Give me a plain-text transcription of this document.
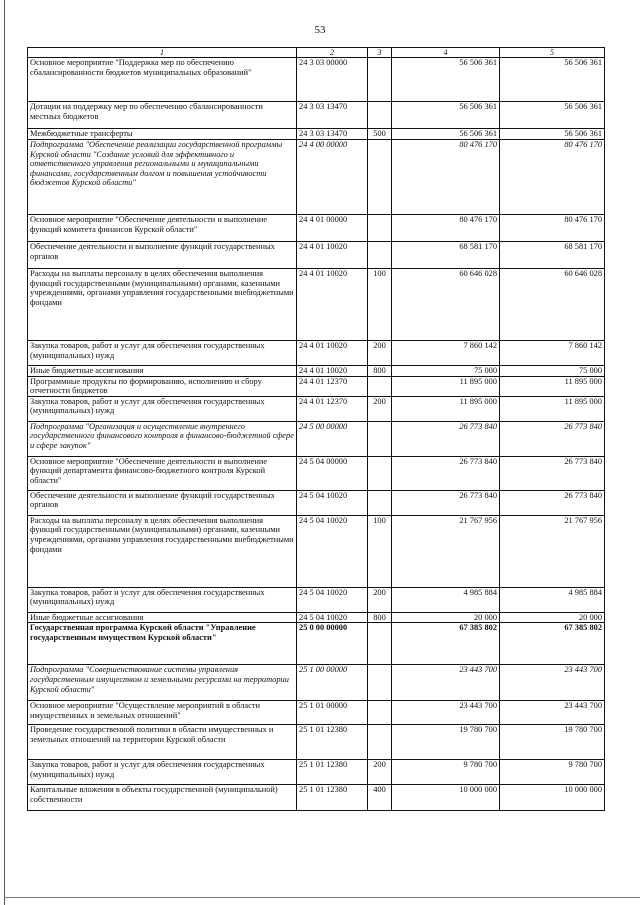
53
1	2	3	4	5
Основное мероприятие "Поддержка мер по обеспечению сбалансированности бюджетов муниципальных образований"	24 3 03 00000		56 506 361	56 506 361
Дотации на поддержку мер по обеспечению сбалансированности местных бюджетов	24 3 03 13470		56 506 361	56 506 361
Межбюджетные трансферты	24 3 03 13470	500	56 506 361	56 506 361
Подпрограмма "Обеспечение реализации государственной программы Курской области "Создание условий для эффективного и ответственного управления региональными и муниципальными финансами, государственным долгом и повышения устойчивости бюджетов Курской области"	24 4 00 00000		80 476 170	80 476 170
Основное мероприятие "Обеспечение деятельности и выполнение функций комитета финансов Курской области"	24 4 01 00000		80 476 170	80 476 170
Обеспечение деятельности и выполнение функций государственных органов	24 4 01 10020		68 581 170	68 581 170
Расходы на выплаты персоналу в целях обеспечения выполнения функций государственными (муниципальными) органами, казенными учреждениями, органами управления государственными внебюджетными фондами	24 4 01 10020	100	60 646 028	60 646 028
Закупка товаров, работ и услуг для обеспечения государственных (муниципальных) нужд	24 4 01 10020	200	7 860 142	7 860 142
Иные бюджетные ассигнования	24 4 01 10020	800	75 000	75 000
Программные продукты по формированию, исполнению и сбору отчетности бюджетов	24 4 01 12370		11 895 000	11 895 000
Закупка товаров, работ и услуг для обеспечения государственных (муниципальных) нужд	24 4 01 12370	200	11 895 000	11 895 000
Подпрограмма "Организация и осуществление внутреннего государственного финансового контроля в финансово-бюджетной сфере и сфере закупок"	24 5 00 00000		26 773 840	26 773 840
Основное мероприятие "Обеспечение деятельности и выполнение функций департамента финансово-бюджетного контроля Курской области"	24 5 04 00000		26 773 840	26 773 840
Обеспечение деятельности и выполнение функций государственных органов	24 5 04 10020		26 773 840	26 773 840
Расходы на выплаты персоналу в целях обеспечения выполнения функций государственными (муниципальными) органами, казенными учреждениями, органами управления государственными внебюджетными фондами	24 5 04 10020	100	21 767 956	21 767 956
Закупка товаров, работ и услуг для обеспечения государственных (муниципальных) нужд	24 5 04 10020	200	4 985 884	4 985 884
Иные бюджетные ассигнования	24 5 04 10020	800	20 000	20 000
Государственная программа Курской области "Управление государственным имуществом Курской области"	25 0 00 00000		67 385 802	67 385 802
Подпрограмма "Совершенствование системы управления государственным имуществом и земельными ресурсами на территории Курской области"	25 1 00 00000		23 443 700	23 443 700
Основное мероприятие "Осуществление мероприятий в области имущественных и земельных отношений"	25 1 01 00000		23 443 700	23 443 700
Проведение государственной политики в области имущественных и земельных отношений на территории Курской области	25 1 01 12380		19 780 700	19 780 700
Закупка товаров, работ и услуг для обеспечения государственных (муниципальных) нужд	25 1 01 12380	200	9 780 700	9 780 700
Капитальные вложения в объекты государственной (муниципальной) собственности	25 1 01 12380	400	10 000 000	10 000 000
